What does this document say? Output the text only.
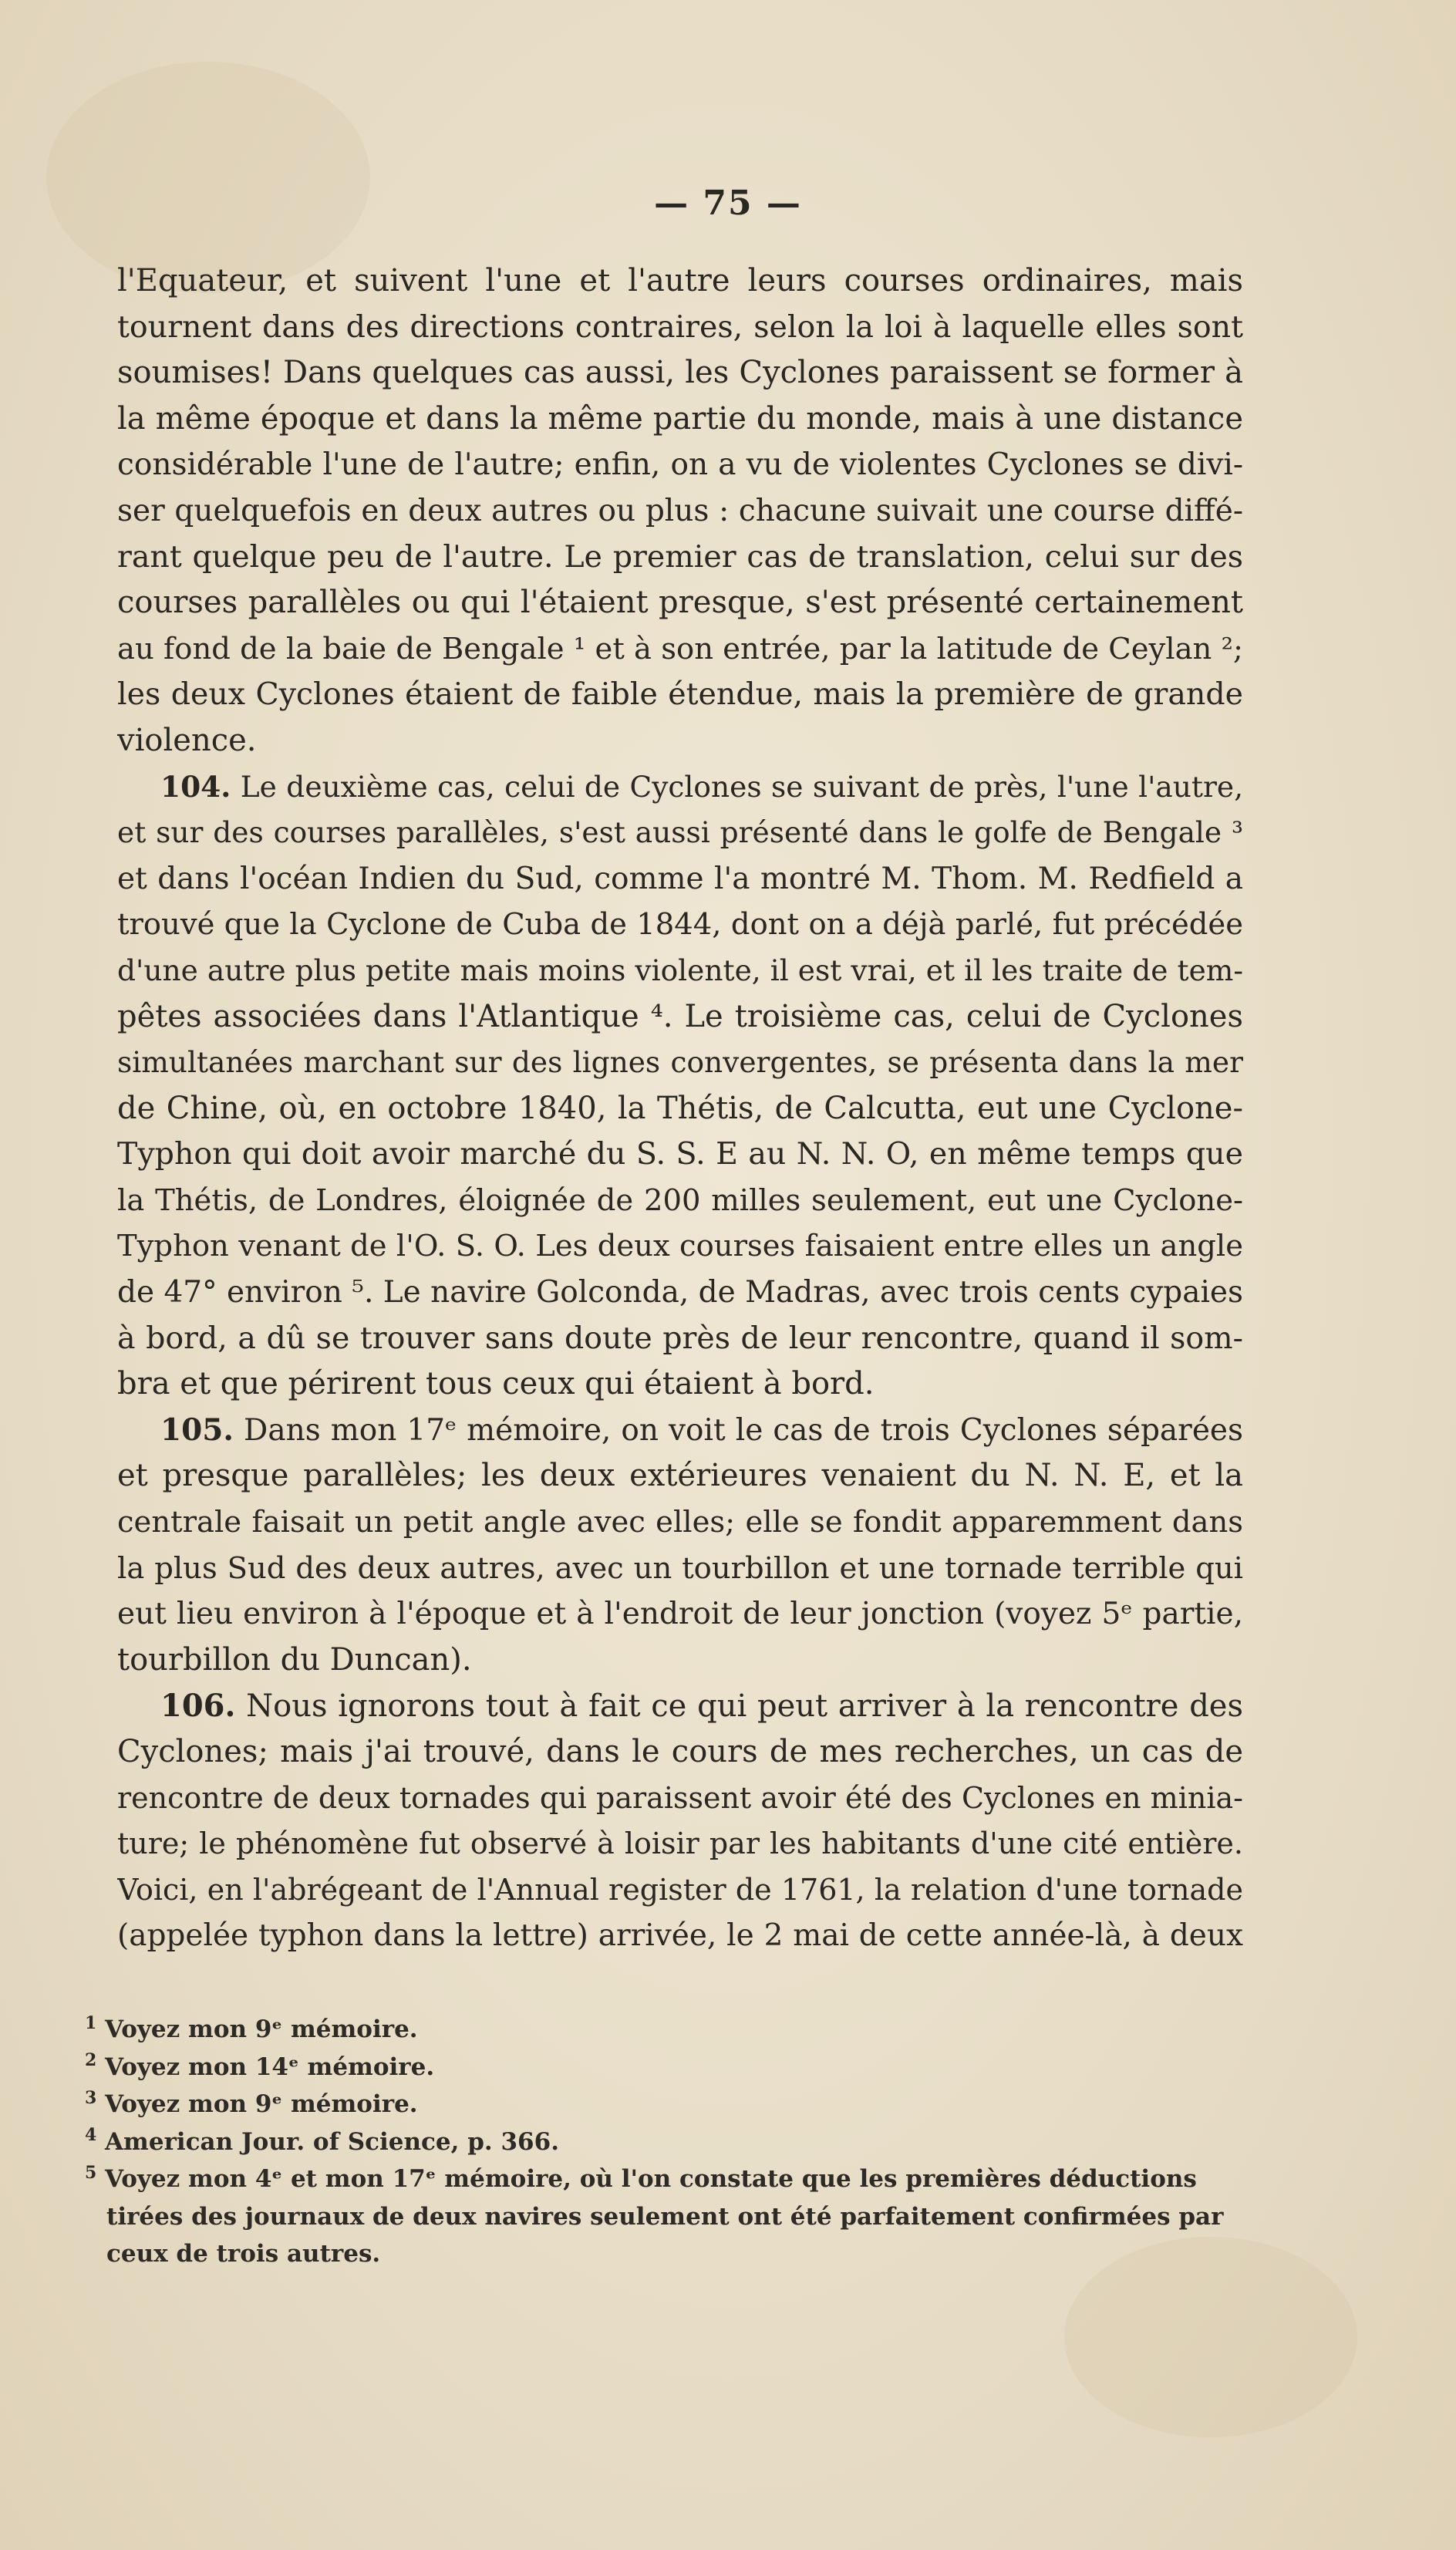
— 75 —
l'Equateur, et suivent l'une et l'autre leurs courses ordinaires, mais
tournent dans des directions contraires, selon la loi à laquelle elles sont
soumises! Dans quelques cas aussi, les Cyclones paraissent se former à
la même époque et dans la même partie du monde, mais à une distance
considérable l'une de l'autre; enfin, on a vu de violentes Cyclones se divi-
ser quelquefois en deux autres ou plus : chacune suivait une course diffé-
rant quelque peu de l'autre. Le premier cas de translation, celui sur des
courses parallèles ou qui l'étaient presque, s'est présenté certainement
au fond de la baie de Bengale ¹ et à son entrée, par la latitude de Ceylan ²;
les deux Cyclones étaient de faible étendue, mais la première de grande
violence.
104. Le deuxième cas, celui de Cyclones se suivant de près, l'une l'autre,
et sur des courses parallèles, s'est aussi présenté dans le golfe de Bengale ³
et dans l'océan Indien du Sud, comme l'a montré M. Thom. M. Redfield a
trouvé que la Cyclone de Cuba de 1844, dont on a déjà parlé, fut précédée
d'une autre plus petite mais moins violente, il est vrai, et il les traite de tem-
pêtes associées dans l'Atlantique ⁴. Le troisième cas, celui de Cyclones
simultanées marchant sur des lignes convergentes, se présenta dans la mer
de Chine, où, en octobre 1840, la Thétis, de Calcutta, eut une Cyclone-
Typhon qui doit avoir marché du S. S. E au N. N. O, en même temps que
la Thétis, de Londres, éloignée de 200 milles seulement, eut une Cyclone-
Typhon venant de l'O. S. O. Les deux courses faisaient entre elles un angle
de 47° environ ⁵. Le navire Golconda, de Madras, avec trois cents cypaies
à bord, a dû se trouver sans doute près de leur rencontre, quand il som-
bra et que périrent tous ceux qui étaient à bord.
105. Dans mon 17ᵉ mémoire, on voit le cas de trois Cyclones séparées
et presque parallèles; les deux extérieures venaient du N. N. E, et la
centrale faisait un petit angle avec elles; elle se fondit apparemment dans
la plus Sud des deux autres, avec un tourbillon et une tornade terrible qui
eut lieu environ à l'époque et à l'endroit de leur jonction (voyez 5ᵉ partie,
tourbillon du Duncan).
106. Nous ignorons tout à fait ce qui peut arriver à la rencontre des
Cyclones; mais j'ai trouvé, dans le cours de mes recherches, un cas de
rencontre de deux tornades qui paraissent avoir été des Cyclones en minia-
ture; le phénomène fut observé à loisir par les habitants d'une cité entière.
Voici, en l'abrégeant de l'Annual register de 1761, la relation d'une tornade
(appelée typhon dans la lettre) arrivée, le 2 mai de cette année-là, à deux
1 Voyez mon 9ᵉ mémoire.
2 Voyez mon 14ᵉ mémoire.
3 Voyez mon 9ᵉ mémoire.
4 American Jour. of Science, p. 366.
5 Voyez mon 4ᵉ et mon 17ᵉ mémoire, où l'on constate que les premières déductions
tirées des journaux de deux navires seulement ont été parfaitement confirmées par
ceux de trois autres.
